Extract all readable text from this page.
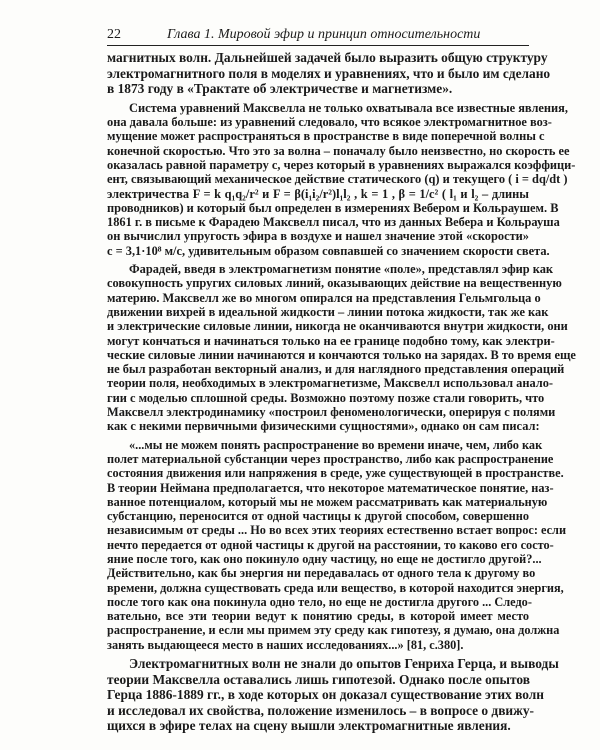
22	Глава 1. Мировой эфир и принцип относительности
магнитных волн. Дальнейшей задачей было выразить общую структуру
электромагнитного поля в моделях и уравнениях, что и было им сделано
в 1873 году в «Трактате об электричестве и магнетизме».
Система уравнений Максвелла не только охватывала все известные явления,
она давала больше: из уравнений следовало, что всякое электромагнитное воз-
мущение может распространяться в пространстве в виде поперечной волны с
конечной скоростью. Что это за волна – поначалу было неизвестно, но скорость ее
оказалась равной параметру c, через который в уравнениях выражался коэффици-
ент, связывающий механическое действие статического (q) и текущего ( i = dq/dt )
электричества F = k q₁q₂/r² и F = β(i₁i₂/r²)l₁l₂ , k = 1 , β = 1/c² ( l₁ и l₂ – длины
проводников) и который был определен в измерениях Вебером и Кольраушем. В
1861 г. в письме к Фарадею Максвелл писал, что из данных Вебера и Кольрауша
он вычислил упругость эфира в воздухе и нашел значение этой «скорости»
c = 3,1·10⁸ м/с, удивительным образом совпавшей со значением скорости света.
Фарадей, введя в электромагнетизм понятие «поле», представлял эфир как
совокупность упругих силовых линий, оказывающих действие на вещественную
материю. Максвелл же во многом опирался на представления Гельмгольца о
движении вихрей в идеальной жидкости – линии потока жидкости, так же как
и электрические силовые линии, никогда не оканчиваются внутри жидкости, они
могут кончаться и начинаться только на ее границе подобно тому, как электри-
ческие силовые линии начинаются и кончаются только на зарядах. В то время еще
не был разработан векторный анализ, и для наглядного представления операций
теории поля, необходимых в электромагнетизме, Максвелл использовал анало-
гии с моделью сплошной среды. Возможно поэтому позже стали говорить, что
Максвелл электродинамику «построил феноменологически, оперируя с полями
как с некими первичными физическими сущностями», однако он сам писал:
«...мы не можем понять распространение во времени иначе, чем, либо как
полет материальной субстанции через пространство, либо как распространение
состояния движения или напряжения в среде, уже существующей в пространстве.
В теории Неймана предполагается, что некоторое математическое понятие, наз-
ванное потенциалом, который мы не можем рассматривать как материальную
субстанцию, переносится от одной частицы к другой способом, совершенно
независимым от среды ... Но во всех этих теориях естественно встает вопрос: если
нечто передается от одной частицы к другой на расстоянии, то каково его состо-
яние после того, как оно покинуло одну частицу, но еще не достигло другой?...
Действительно, как бы энергия ни передавалась от одного тела к другому во
времени, должна существовать среда или вещество, в которой находится энергия,
после того как она покинула одно тело, но еще не достигла другого ... Следо-
вательно, все эти теории ведут к понятию среды, в которой имеет место
распространение, и если мы примем эту среду как гипотезу, я думаю, она должна
занять выдающееся место в наших исследованиях...» [81, с.380].
Электромагнитных волн не знали до опытов Генриха Герца, и выводы
теории Максвелла оставались лишь гипотезой. Однако после опытов
Герца 1886-1889 гг., в ходе которых он доказал существование этих волн
и исследовал их свойства, положение изменилось – в вопросе о движу-
щихся в эфире телах на сцену вышли электромагнитные явления.
